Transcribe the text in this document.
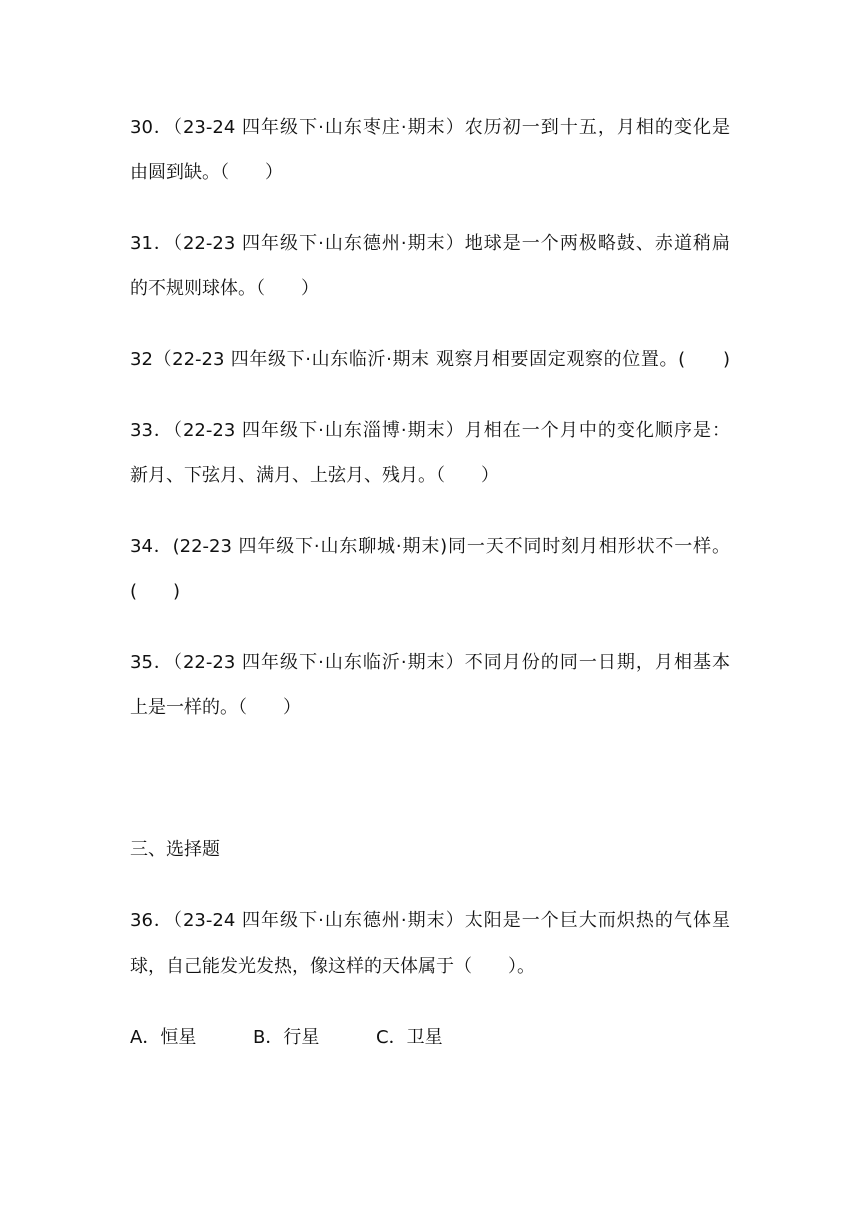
30．（23-24 四年级下·山东枣庄·期末）农历初一到十五，月相的变化是
由圆到缺。（　　）
31．（22-23 四年级下·山东德州·期末）地球是一个两极略鼓、赤道稍扁
的不规则球体。（　　）
32（22-23 四年级下·山东临沂·期末 观察月相要固定观察的位置。(　　)
33．（22-23 四年级下·山东淄博·期末）月相在一个月中的变化顺序是：
新月、下弦月、满月、上弦月、残月。（　　）
34．(22-23 四年级下·山东聊城·期末)同一天不同时刻月相形状不一样。
(　　)
35．（22-23 四年级下·山东临沂·期末）不同月份的同一日期，月相基本
上是一样的。（　　）
三、选择题
36．（23-24 四年级下·山东德州·期末）太阳是一个巨大而炽热的气体星
球，自己能发光发热，像这样的天体属于（　　）。
A．恒星	B．行星	C．卫星
